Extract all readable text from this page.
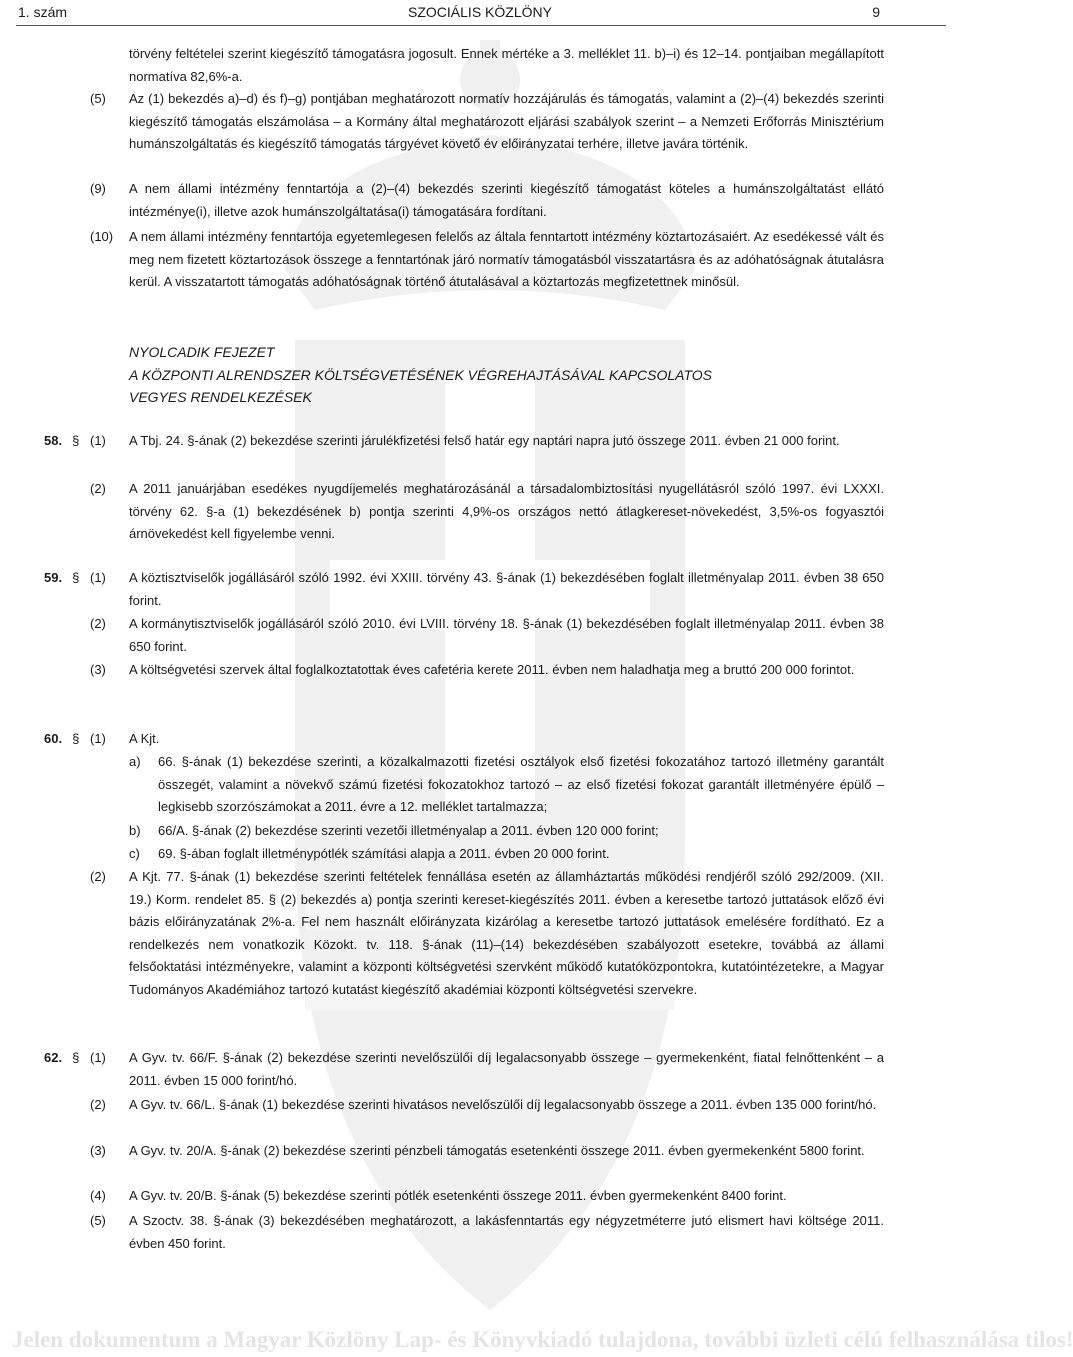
1. szám	SZOCIÁLIS KÖZLÖNY	9
törvény feltételei szerint kiegészítő támogatásra jogosult. Ennek mértéke a 3. melléklet 11. b)–i) és 12–14. pontjaiban megállapított normatíva 82,6%-a.
(5)	Az (1) bekezdés a)–d) és f)–g) pontjában meghatározott normatív hozzájárulás és támogatás, valamint a (2)–(4) bekezdés szerinti kiegészítő támogatás elszámolása – a Kormány által meghatározott eljárási szabályok szerint – a Nemzeti Erőforrás Minisztérium humánszolgáltatás és kiegészítő támogatás tárgyévet követő év előirányzatai terhére, illetve javára történik.
(9)	A nem állami intézmény fenntartója a (2)–(4) bekezdés szerinti kiegészítő támogatást köteles a humánszolgáltatást ellátó intézménye(i), illetve azok humánszolgáltatása(i) támogatására fordítani.
(10)	A nem állami intézmény fenntartója egyetemlegesen felelős az általa fenntartott intézmény köztartozásaiért. Az esedékessé vált és meg nem fizetett köztartozások összege a fenntartónak járó normatív támogatásból visszatartásra és az adóhatóságnak átutalásra kerül. A visszatartott támogatás adóhatóságnak történő átutalásával a köztartozás megfizetettnek minősül.
NYOLCADIK FEJEZET
A KÖZPONTI ALRENDSZER KÖLTSÉGVETÉSÉNEK VÉGREHAJTÁSÁVAL KAPCSOLATOS
VEGYES RENDELKEZÉSEK
58. § (1)	A Tbj. 24. §-ának (2) bekezdése szerinti járulékfizetési felső határ egy naptári napra jutó összege 2011. évben 21 000 forint.
(2)	A 2011 januárjában esedékes nyugdíjemelés meghatározásánál a társadalombiztosítási nyugellátásról szóló 1997. évi LXXXI. törvény 62. §-a (1) bekezdésének b) pontja szerinti 4,9%-os országos nettó átlagkereset-növekedést, 3,5%-os fogyasztói árnövekedést kell figyelembe venni.
59. § (1)	A köztisztviselők jogállásáról szóló 1992. évi XXIII. törvény 43. §-ának (1) bekezdésében foglalt illetményalap 2011. évben 38 650 forint.
(2)	A kormánytisztviselők jogállásáról szóló 2010. évi LVIII. törvény 18. §-ának (1) bekezdésében foglalt illetményalap 2011. évben 38 650 forint.
(3)	A költségvetési szervek által foglalkoztatottak éves cafetéria kerete 2011. évben nem haladhatja meg a bruttó 200 000 forintot.
60. § (1)	A Kjt.
a) 66. §-ának (1) bekezdése szerinti, a közalkalmazotti fizetési osztályok első fizetési fokozatához tartozó illetmény garantált összegét, valamint a növekvő számú fizetési fokozatokhoz tartozó – az első fizetési fokozat garantált illetményére épülő – legkisebb szorzószámokat a 2011. évre a 12. melléklet tartalmazza;
b) 66/A. §-ának (2) bekezdése szerinti vezetői illetményalap a 2011. évben 120 000 forint;
c) 69. §-ában foglalt illetménypótlék számítási alapja a 2011. évben 20 000 forint.
(2)	A Kjt. 77. §-ának (1) bekezdése szerinti feltételek fennállása esetén az államháztartás működési rendjéről szóló 292/2009. (XII. 19.) Korm. rendelet 85. § (2) bekezdés a) pontja szerinti kereset-kiegészítés 2011. évben a keresetbe tartozó juttatások előző évi bázis előirányzatának 2%-a. Fel nem használt előirányzata kizárólag a keresetbe tartozó juttatások emelésére fordítható. Ez a rendelkezés nem vonatkozik Közokt. tv. 118. §-ának (11)–(14) bekezdésében szabályozott esetekre, továbbá az állami felsőoktatási intézményekre, valamint a központi költségvetési szervként működő kutatóközpontokra, kutatóintézetekre, a Magyar Tudományos Akadémiához tartozó kutatást kiegészítő akadémiai központi költségvetési szervekre.
62. § (1)	A Gyv. tv. 66/F. §-ának (2) bekezdése szerinti nevelőszülői díj legalacsonyabb összege – gyermekenként, fiatal felnőttenként – a 2011. évben 15 000 forint/hó.
(2)	A Gyv. tv. 66/L. §-ának (1) bekezdése szerinti hivatásos nevelőszülői díj legalacsonyabb összege a 2011. évben 135 000 forint/hó.
(3)	A Gyv. tv. 20/A. §-ának (2) bekezdése szerinti pénzbeli támogatás esetenkénti összege 2011. évben gyermekenként 5800 forint.
(4)	A Gyv. tv. 20/B. §-ának (5) bekezdése szerinti pótlék esetenkénti összege 2011. évben gyermekenként 8400 forint.
(5)	A Szoctv. 38. §-ának (3) bekezdésében meghatározott, a lakásfenntartás egy négyzetméterre jutó elismert havi költsége 2011. évben 450 forint.
Jelen dokumentum a Magyar Közlöny Lap- és Könyvkiadó tulajdona, további üzleti célú felhasználása tilos!
